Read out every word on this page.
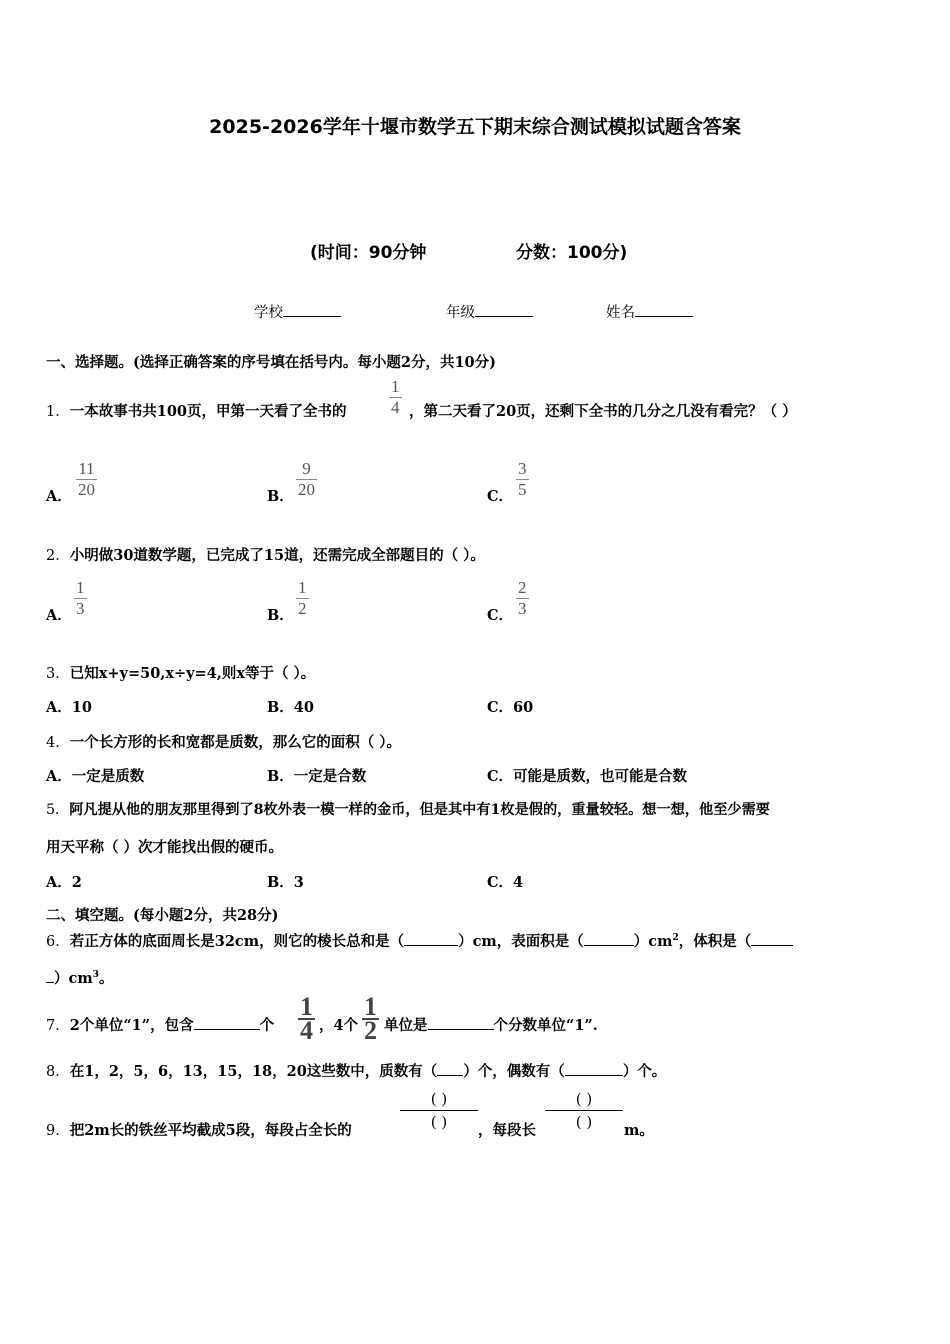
2025-2026学年十堰市数学五下期末综合测试模拟试题含答案
(时间：90分钟	分数：100分)
学校	年级	姓名
一、选择题。(选择正确答案的序号填在括号内。每小题2分，共10分)
1．一本故事书共100页，甲第一天看了全书的
1
4 ，第二天看了20页，还剩下全书的几分之几没有看完？（ ）
A．
11
20	B．
9
20	C．
3
5
2．小明做30道数学题，已完成了15道，还需完成全部题目的（ ）。
A．
1
3	B．
1
2	C．
2
3
3．已知x+y=50,x÷y=4,则x等于（ ）。
A．10	B．40	C．60
4．一个长方形的长和宽都是质数，那么它的面积（ ）。
A．一定是质数	B．一定是合数	C．可能是质数，也可能是合数
5．阿凡提从他的朋友那里得到了8枚外表一模一样的金币，但是其中有1枚是假的，重量较轻。想一想，他至少需要
用天平称（ ）次才能找出假的硬币。
A．2	B．3	C．4
二、填空题。(每小题2分，共28分)
6．若正方体的底面周长是32cm，则它的棱长总和是（	）cm，表面积是（	）$cm^2$，体积是（
）$cm^3$。
7．2个单位“1”，包含	个
1
4 ，4个
1
2 单位是	个分数单位“1”.
8．在1，2，5，6，13，15，18，20这些数中，质数有（ ）个，偶数有（	）个。
9．把2m长的铁丝平均截成5段，每段占全长的
( )
( ) ，每段长
( )
( ) m。
